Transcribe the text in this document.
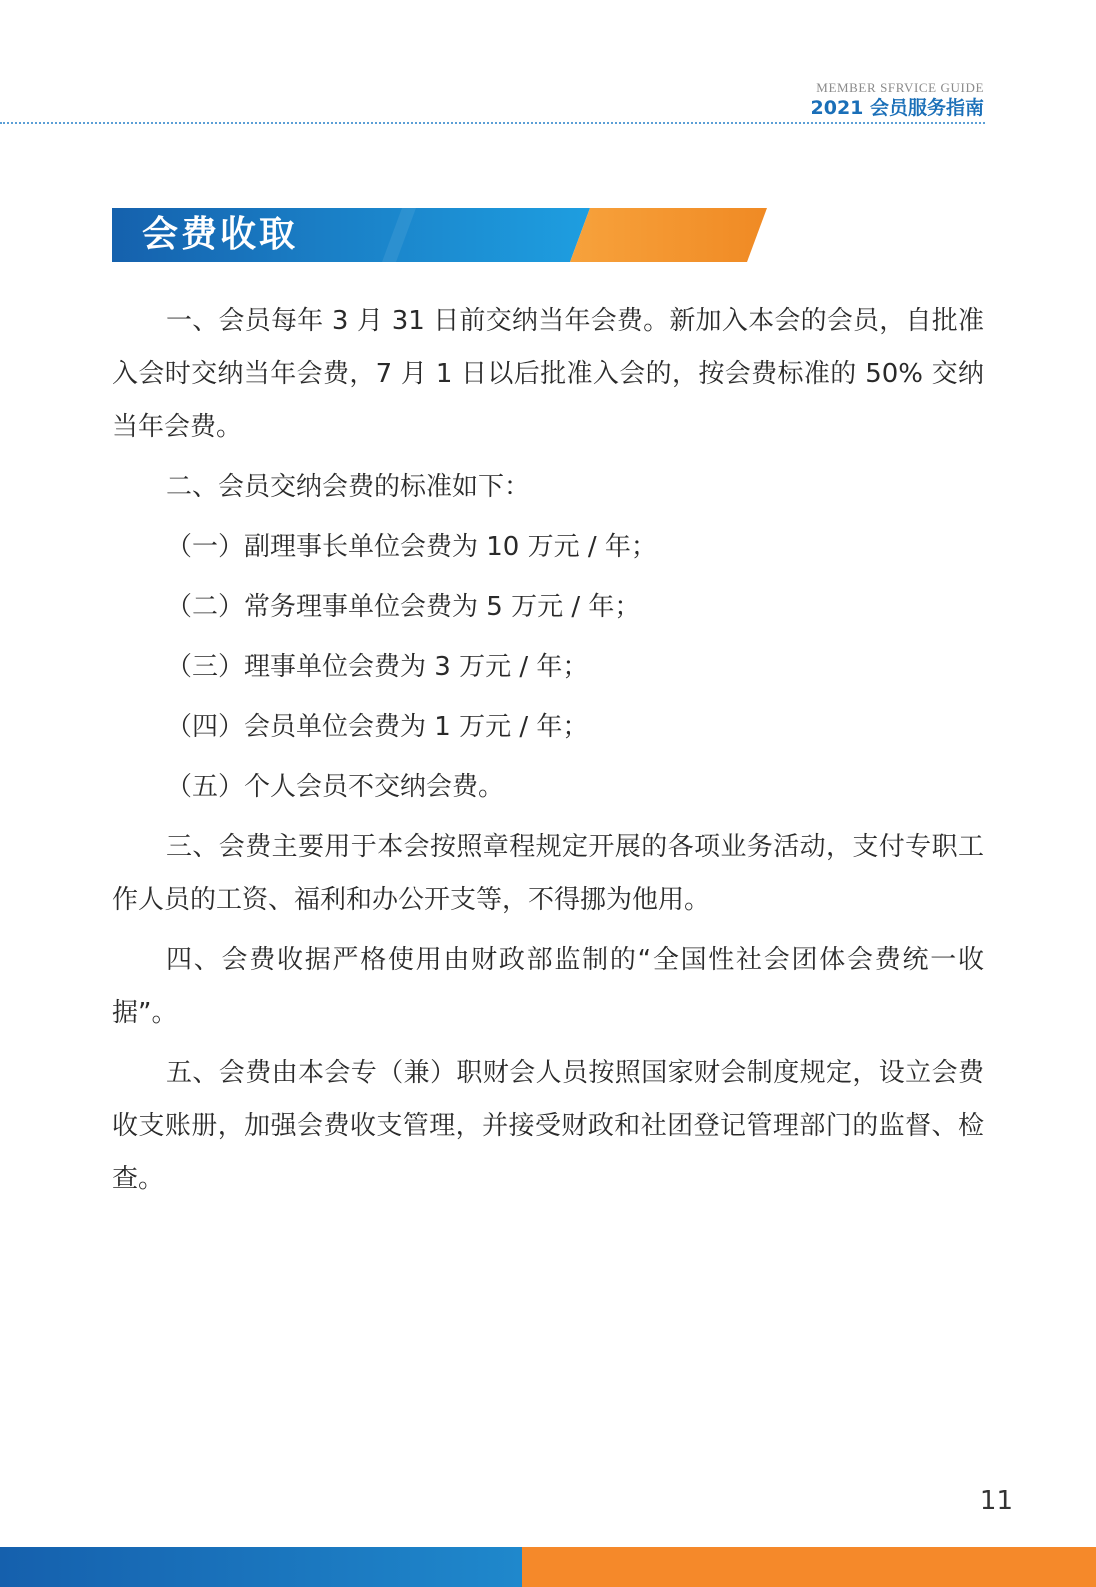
MEMBER SFRVICE GUIDE
2021 会员服务指南
会费收取

一、会员每年 3 月 31 日前交纳当年会费。新加入本会的会员，自批准入会时交纳当年会费，7 月 1 日以后批准入会的，按会费标准的 50% 交纳当年会费。

二、会员交纳会费的标准如下：

（一）副理事长单位会费为 10 万元 / 年；

（二）常务理事单位会费为 5 万元 / 年；

（三）理事单位会费为 3 万元 / 年；

（四）会员单位会费为 1 万元 / 年；

（五）个人会员不交纳会费。

三、会费主要用于本会按照章程规定开展的各项业务活动，支付专职工作人员的工资、福利和办公开支等，不得挪为他用。

四、会费收据严格使用由财政部监制的“全国性社会团体会费统一收据”。

五、会费由本会专（兼）职财会人员按照国家财会制度规定，设立会费收支账册，加强会费收支管理，并接受财政和社团登记管理部门的监督、检查。

11
